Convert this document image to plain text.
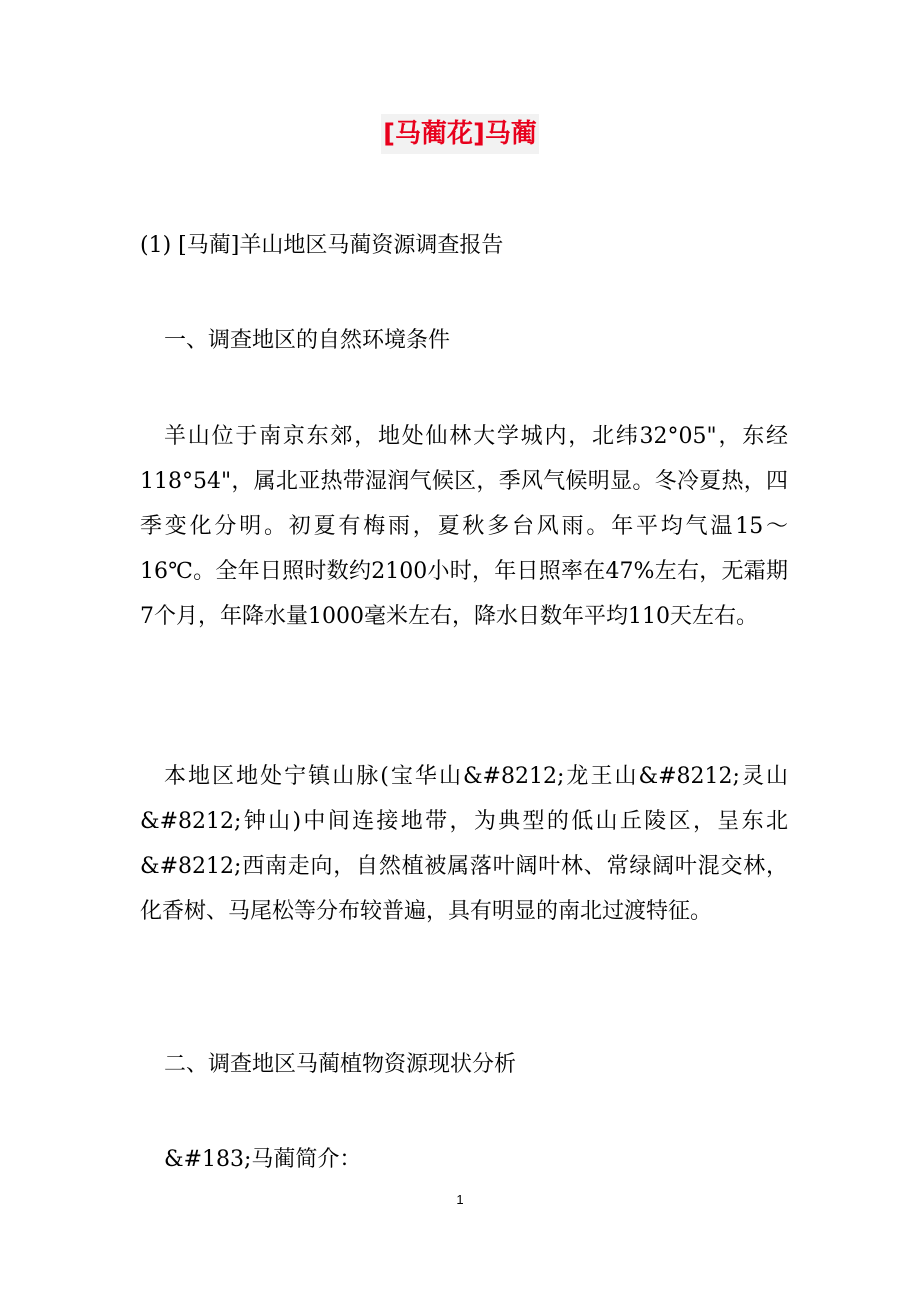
[马蔺花]马蔺
(1) [马蔺]羊山地区马蔺资源调查报告
一、调查地区的自然环境条件
羊山位于南京东郊，地处仙林大学城内，北纬32°05"，东经118°54"，属北亚热带湿润气候区，季风气候明显。冬冷夏热，四季变化分明。初夏有梅雨，夏秋多台风雨。年平均气温15～16℃。全年日照时数约2100小时，年日照率在47%左右，无霜期7个月，年降水量1000毫米左右，降水日数年平均110天左右。
本地区地处宁镇山脉(宝华山&#8212;龙王山&#8212;灵山&#8212;钟山)中间连接地带，为典型的低山丘陵区，呈东北&#8212;西南走向，自然植被属落叶阔叶林、常绿阔叶混交林，化香树、马尾松等分布较普遍，具有明显的南北过渡特征。
二、调查地区马蔺植物资源现状分析
&#183;马蔺简介：
1
